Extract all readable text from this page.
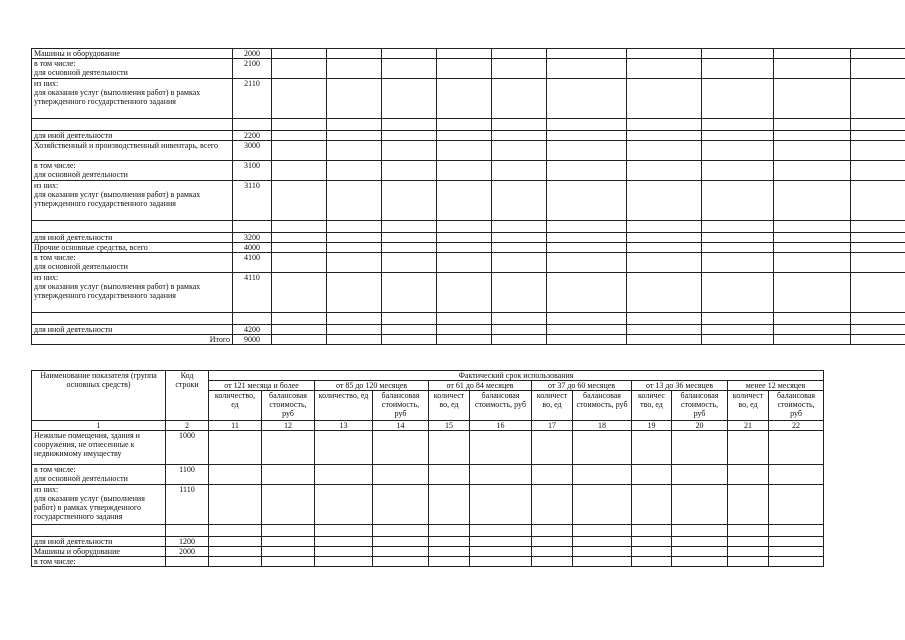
Машины и оборудование	2000										
в том числе:
для основной деятельности	2100										
из них:
для оказания услуг (выполнения работ) в рамках утвержденного государственного задания	2110										

для иной деятельности	2200										
Хозяйственный и производственный инвентарь, всего	3000										
в том числе:
для основной деятельности	3100										
из них:
для оказания услуг (выполнения работ) в рамках утвержденного государственного задания	3110										

для иной деятельности	3200										
Прочие основные средства, всего	4000										
в том числе:
для основной деятельности	4100										
из них:
для оказания услуг (выполнения работ) в рамках утвержденного государственного задания	4110										

для иной деятельности	4200										
Итого	9000										
Наименование показателя (группа основных средств)	Код строки	Фактический срок использования											
		от 121 месяца и более		от 85 до 120 месяцев		от 61 до 84 месяцев		от 37 до 60 месяцев		от 13 до 36 месяцев		менее 12 месяцев	
		количество, ед	балансовая стоимость, руб	количество, ед	балансовая стоимость, руб	количест во, ед	балансовая стоимость, руб	количест во, ед	балансовая стоимость, руб	количес тво, ед	балансовая стоимость, руб	количест во, ед	балансовая стоимость, руб
1	2	11	12	13	14	15	16	17	18	19	20	21	22
Нежилые помещения, здания и сооружения, не отнесенные к недвижимому имуществу	1000												
в том числе:
для основной деятельности	1100												
из них:
для оказания услуг (выполнения работ) в рамках утвержденного государственного задания	1110												

для иной деятельности	1200												
Машины и оборудование	2000												
в том числе:													
